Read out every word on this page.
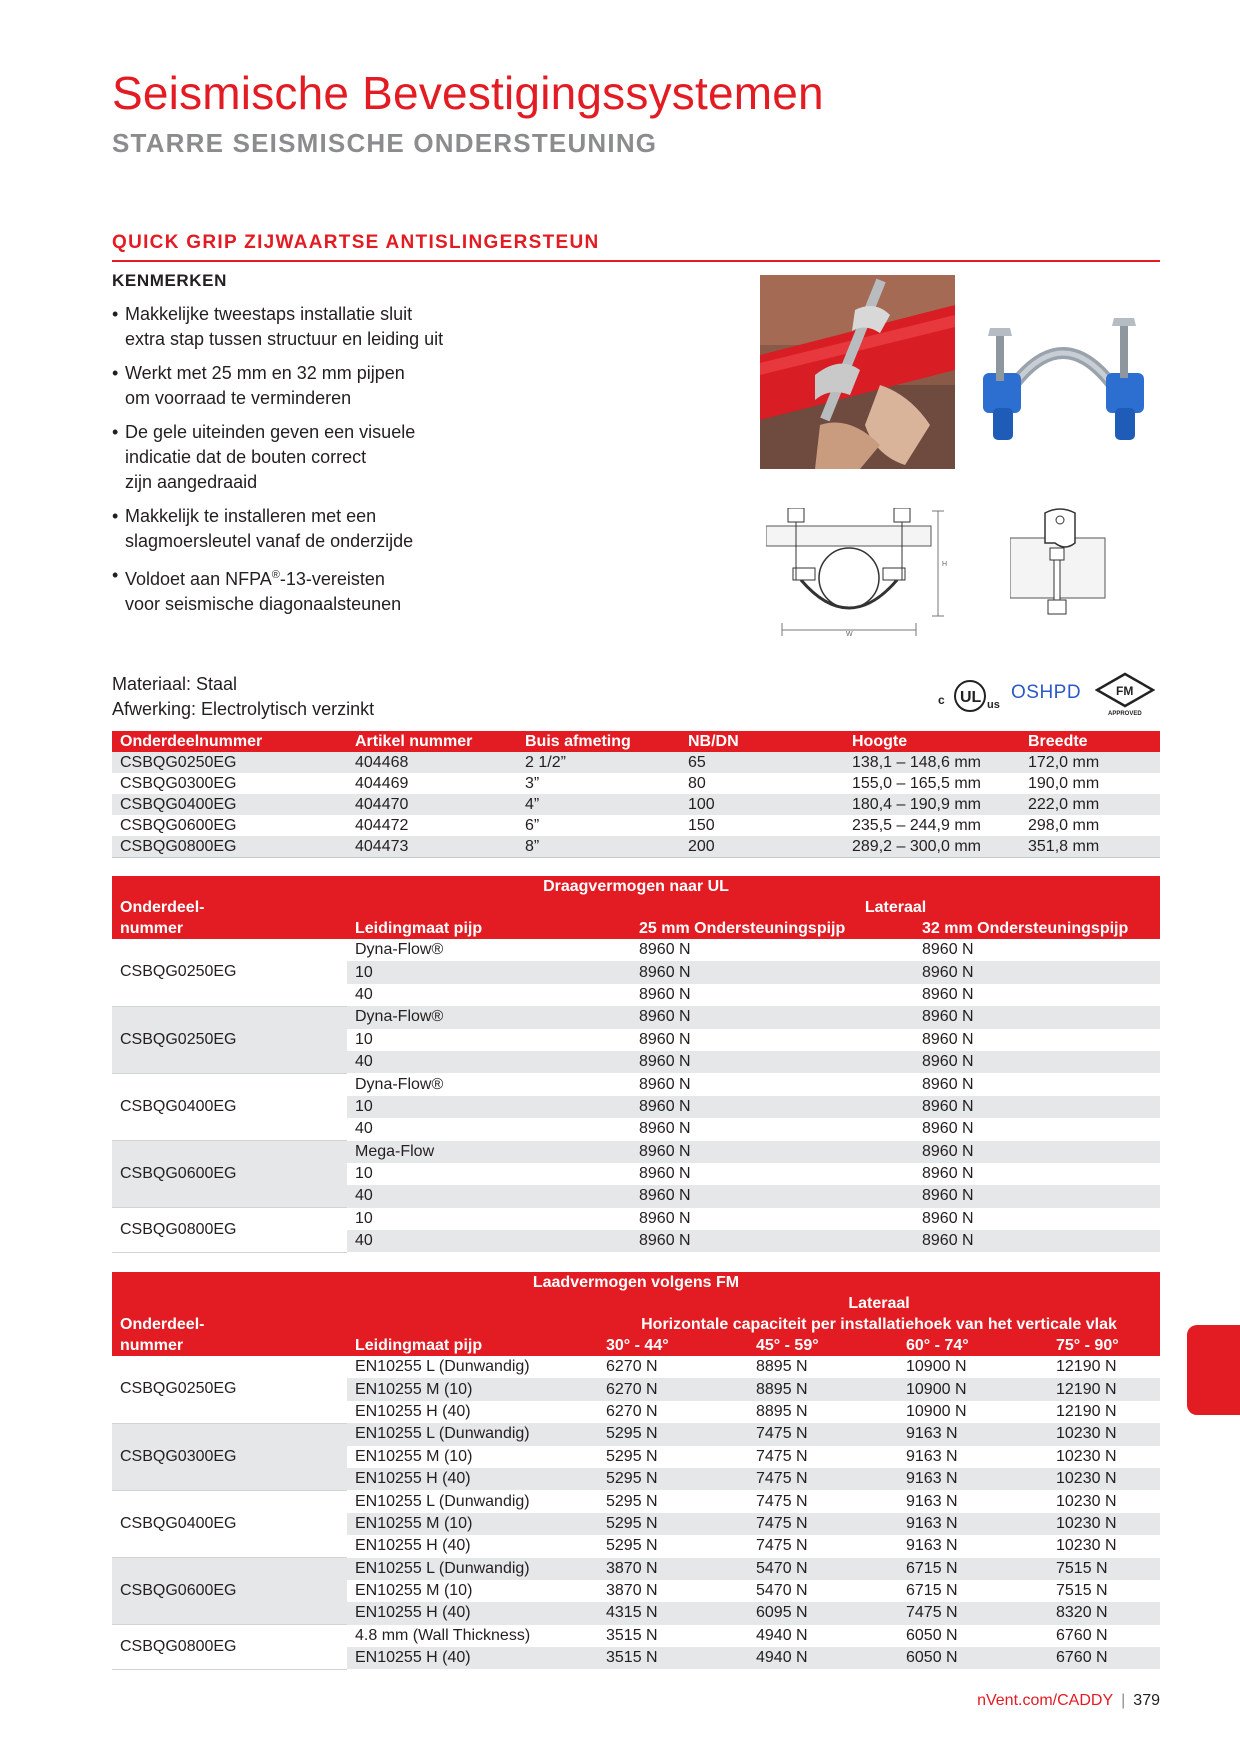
Seismische Bevestigingssystemen
STARRE SEISMISCHE ONDERSTEUNING
QUICK GRIP ZIJWAARTSE ANTISLINGERSTEUN
KENMERKEN
• Makkelijke tweestaps installatie sluit
extra stap tussen structuur en leiding uit
• Werkt met 25 mm en 32 mm pijpen
om voorraad te verminderen
• De gele uiteinden geven een visuele
indicatie dat de bouten correct
zijn aangedraaid
• Makkelijk te installeren met een
slagmoersleutel vanaf de onderzijde
• Voldoet aan NFPA®-13-vereisten
voor seismische diagonaalsteunen
H
W
Materiaal: Staal
Afwerking: Electrolytisch verzinkt	c UL us
OSHPD	FM
APPROVED
Onderdeelnummer	Artikel nummer	Buis afmeting	NB/DN	Hoogte	Breedte
CSBQG0250EG	404468	2 1/2”	65	138,1 – 148,6 mm	172,0 mm
CSBQG0300EG	404469	3”	80	155,0 – 165,5 mm	190,0 mm
CSBQG0400EG	404470	4”	100	180,4 – 190,9 mm	222,0 mm
CSBQG0600EG	404472	6”	150	235,5 – 244,9 mm	298,0 mm
CSBQG0800EG	404473	8”	200	289,2 – 300,0 mm	351,8 mm
Draagvermogen naar UL			
Onderdeel-		Lateraal	
nummer	Leidingmaat pijp	25 mm Ondersteuningspijp	32 mm Ondersteuningspijp
CSBQG0250EG	Dyna-Flow®	8960 N	8960 N
	10	8960 N	8960 N
	40	8960 N	8960 N
CSBQG0250EG	Dyna-Flow®	8960 N	8960 N
	10	8960 N	8960 N
	40	8960 N	8960 N
CSBQG0400EG	Dyna-Flow®	8960 N	8960 N
	10	8960 N	8960 N
	40	8960 N	8960 N
CSBQG0600EG	Mega-Flow	8960 N	8960 N
	10	8960 N	8960 N
	40	8960 N	8960 N
CSBQG0800EG	10	8960 N	8960 N
	40	8960 N	8960 N
Laadvermogen volgens FM					
		Lateraal			
Onderdeel-		Horizontale capaciteit per installatiehoek van het verticale vlak			
nummer	Leidingmaat pijp	30° - 44°	45° - 59°	60° - 74°	75° - 90°
CSBQG0250EG	EN10255 L (Dunwandig)	6270 N	8895 N	10900 N	12190 N
	EN10255 M (10)	6270 N	8895 N	10900 N	12190 N
	EN10255 H (40)	6270 N	8895 N	10900 N	12190 N
CSBQG0300EG	EN10255 L (Dunwandig)	5295 N	7475 N	9163 N	10230 N
	EN10255 M (10)	5295 N	7475 N	9163 N	10230 N
	EN10255 H (40)	5295 N	7475 N	9163 N	10230 N
CSBQG0400EG	EN10255 L (Dunwandig)	5295 N	7475 N	9163 N	10230 N
	EN10255 M (10)	5295 N	7475 N	9163 N	10230 N
	EN10255 H (40)	5295 N	7475 N	9163 N	10230 N
CSBQG0600EG	EN10255 L (Dunwandig)	3870 N	5470 N	6715 N	7515 N
	EN10255 M (10)	3870 N	5470 N	6715 N	7515 N
	EN10255 H (40)	4315 N	6095 N	7475 N	8320 N
CSBQG0800EG	4.8 mm (Wall Thickness)	3515 N	4940 N	6050 N	6760 N
	EN10255 H (40)	3515 N	4940 N	6050 N	6760 N
nVent.com/CADDY | 379
